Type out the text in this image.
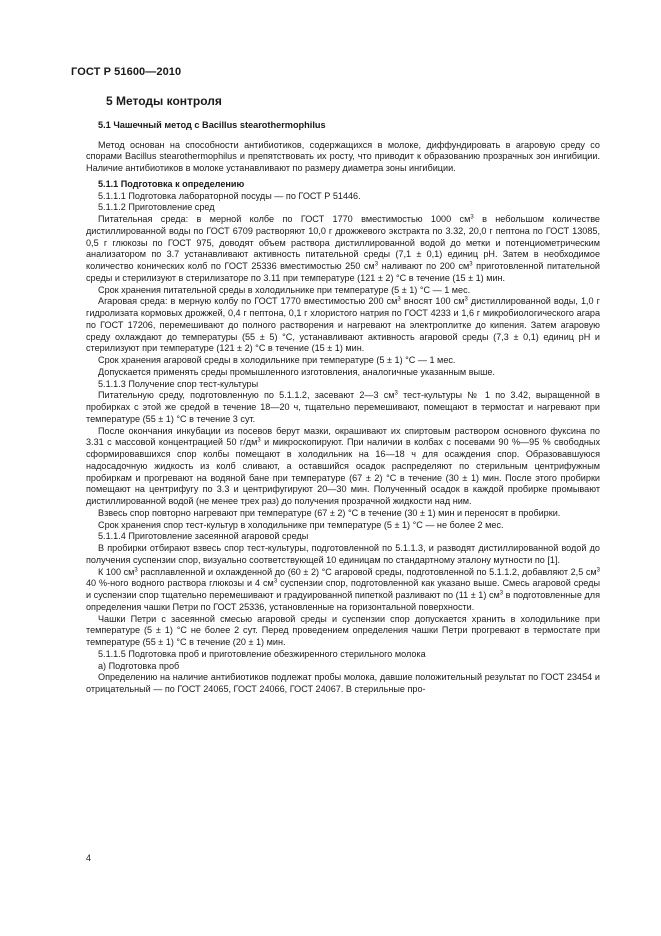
ГОСТ Р 51600—2010
5 Методы контроля
5.1 Чашечный метод с Bacillus stearothermophilus

Метод основан на способности антибиотиков, содержащихся в молоке, диффундировать в агаровую среду со спорами Bacillus stearothermophilus и препятствовать их росту, что приводит к образованию прозрачных зон ингибиции. Наличие антибиотиков в молоке устанавливают по размеру диаметра зоны ингибиции.

5.1.1 Подготовка к определению

5.1.1.1 Подготовка лабораторной посуды — по ГОСТ Р 51446.

5.1.1.2 Приготовление сред

Питательная среда: в мерной колбе по ГОСТ 1770 вместимостью 1000 $см^3$ в небольшом количестве дистиллированной воды по ГОСТ 6709 растворяют 10,0 г дрожжевого экстракта по 3.32, 20,0 г пептона по ГОСТ 13085, 0,5 г глюкозы по ГОСТ 975, доводят объем раствора дистиллированной водой до метки и потенциометрическим анализатором по 3.7 устанавливают активность питательной среды (7,1 ± 0,1) единиц pH. Затем в необходимое количество конических колб по ГОСТ 25336 вместимостью 250 $см^3$ наливают по 200 $см^3$ приготовленной питательной среды и стерилизуют в стерилизаторе по 3.11 при температуре (121 ± 2) °C в течение (15 ± 1) мин.

Срок хранения питательной среды в холодильнике при температуре (5 ± 1) °C — 1 мес.

Агаровая среда: в мерную колбу по ГОСТ 1770 вместимостью 200 $см^3$ вносят 100 $см^3$ дистиллированной воды, 1,0 г гидролизата кормовых дрожжей, 0,4 г пептона, 0,1 г хлористого натрия по ГОСТ 4233 и 1,6 г микробиологического агара по ГОСТ 17206, перемешивают до полного растворения и нагревают на электроплитке до кипения. Затем агаровую среду охлаждают до температуры (55 ± 5) °C, устанавливают активность агаровой среды (7,3 ± 0,1) единиц pH и стерилизуют при температуре (121 ± 2) °C в течение (15 ± 1) мин.

Срок хранения агаровой среды в холодильнике при температуре (5 ± 1) °C — 1 мес.

Допускается применять среды промышленного изготовления, аналогичные указанным выше.

5.1.1.3 Получение спор тест-культуры

Питательную среду, подготовленную по 5.1.1.2, засевают 2—3 $см^3$ тест-культуры № 1 по 3.42, выращенной в пробирках с этой же средой в течение 18—20 ч, тщательно перемешивают, помещают в термостат и нагревают при температуре (55 ± 1) °C в течение 3 сут.

После окончания инкубации из посевов берут мазки, окрашивают их спиртовым раствором основного фуксина по 3.31 с массовой концентрацией 50 $г/дм^3$ и микроскопируют. При наличии в колбах с посевами 90 %—95 % свободных сформировавшихся спор колбы помещают в холодильник на 16—18 ч для осаждения спор. Образовавшуюся надосадочную жидкость из колб сливают, а оставшийся осадок распределяют по стерильным центрифужным пробиркам и прогревают на водяной бане при температуре (67 ± 2) °C в течение (30 ± 1) мин. После этого пробирки помещают на центрифугу по 3.3 и центрифугируют 20—30 мин. Полученный осадок в каждой пробирке промывают дистиллированной водой (не менее трех раз) до получения прозрачной жидкости над ним.

Взвесь спор повторно нагревают при температуре (67 ± 2) °C в течение (30 ± 1) мин и переносят в пробирки.

Срок хранения спор тест-культур в холодильнике при температуре (5 ± 1) °C — не более 2 мес.

5.1.1.4 Приготовление засеянной агаровой среды

В пробирки отбирают взвесь спор тест-культуры, подготовленной по 5.1.1.3, и разводят дистиллированной водой до получения суспензии спор, визуально соответствующей 10 единицам по стандартному эталону мутности по [1].

К 100 $см^3$ расплавленной и охлажденной до (60 ± 2) °C агаровой среды, подготовленной по 5.1.1.2, добавляют 2,5 $см^3$ 40 %-ного водного раствора глюкозы и 4 $см^3$ суспензии спор, подготовленной как указано выше. Смесь агаровой среды и суспензии спор тщательно перемешивают и градуированной пипеткой разливают по (11 ± 1) $см^3$ в подготовленные для определения чашки Петри по ГОСТ 25336, установленные на горизонтальной поверхности.

Чашки Петри с засеянной смесью агаровой среды и суспензии спор допускается хранить в холодильнике при температуре (5 ± 1) °C не более 2 сут. Перед проведением определения чашки Петри прогревают в термостате при температуре (55 ± 1) °C в течение (20 ± 1) мин.

5.1.1.5 Подготовка проб и приготовление обезжиренного стерильного молока

а) Подготовка проб

Определению на наличие антибиотиков подлежат пробы молока, давшие положительный результат по ГОСТ 23454 и отрицательный — по ГОСТ 24065, ГОСТ 24066, ГОСТ 24067. В стерильные про-

4
